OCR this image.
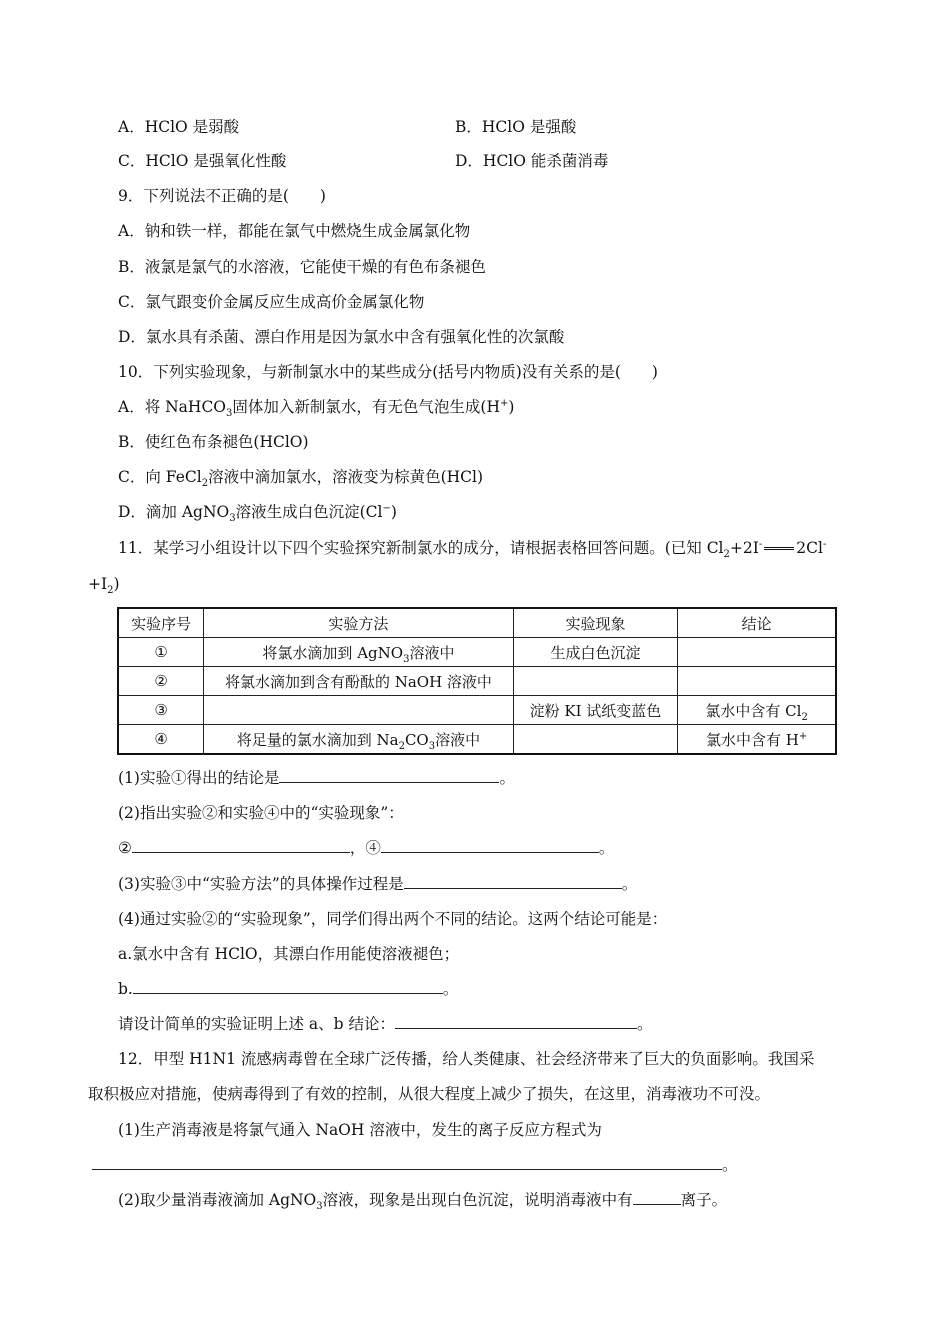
A．HClO 是弱酸	B．HClO 是强酸
C．HClO 是强氧化性酸	D．HClO 能杀菌消毒
9．下列说法不正确的是(　　)
A．钠和铁一样，都能在氯气中燃烧生成金属氯化物
B．液氯是氯气的水溶液，它能使干燥的有色布条褪色
C．氯气跟变价金属反应生成高价金属氯化物
D．氯水具有杀菌、漂白作用是因为氯水中含有强氧化性的次氯酸
10．下列实验现象，与新制氯水中的某些成分(括号内物质)没有关系的是(　　)
A．将 NaHCO$_3$固体加入新制氯水，有无色气泡生成(H+)
B．使红色布条褪色(HClO)
C．向 FeCl$_2$溶液中滴加氯水，溶液变为棕黄色(HCl)
D．滴加 AgNO$_3$溶液生成白色沉淀(Cl−)
11．某学习小组设计以下四个实验探究新制氯水的成分，请根据表格回答问题。(已知 $Cl_2+2I^-$ 2Cl-
$+I_2$)
实验序号	实验方法	实验现象	结论
①	将氯水滴加到 AgNO$_3$溶液中	生成白色沉淀	
②	将氯水滴加到含有酚酞的 NaOH 溶液中		
③		淀粉 KI 试纸变蓝色	氯水中含有 $Cl_2$
④	将足量的氯水滴加到 $Na_2CO_3$溶液中		氯水中含有 H+
(1)实验①得出的结论是	。
(2)指出实验②和实验④中的“实验现象”：
②	，④	。
(3)实验③中“实验方法”的具体操作过程是	。
(4)通过实验②的“实验现象”，同学们得出两个不同的结论。这两个结论可能是：
a.氯水中含有 HClO，其漂白作用能使溶液褪色；
b.	。
请设计简单的实验证明上述 a、b 结论：	。
12．甲型 H1N1 流感病毒曾在全球广泛传播，给人类健康、社会经济带来了巨大的负面影响。我国采
取积极应对措施，使病毒得到了有效的控制，从很大程度上减少了损失，在这里，消毒液功不可没。
(1)生产消毒液是将氯气通入 NaOH 溶液中，发生的离子反应方程式为
。
(2)取少量消毒液滴加 AgNO$_3$溶液，现象是出现白色沉淀，说明消毒液中有	离子。
